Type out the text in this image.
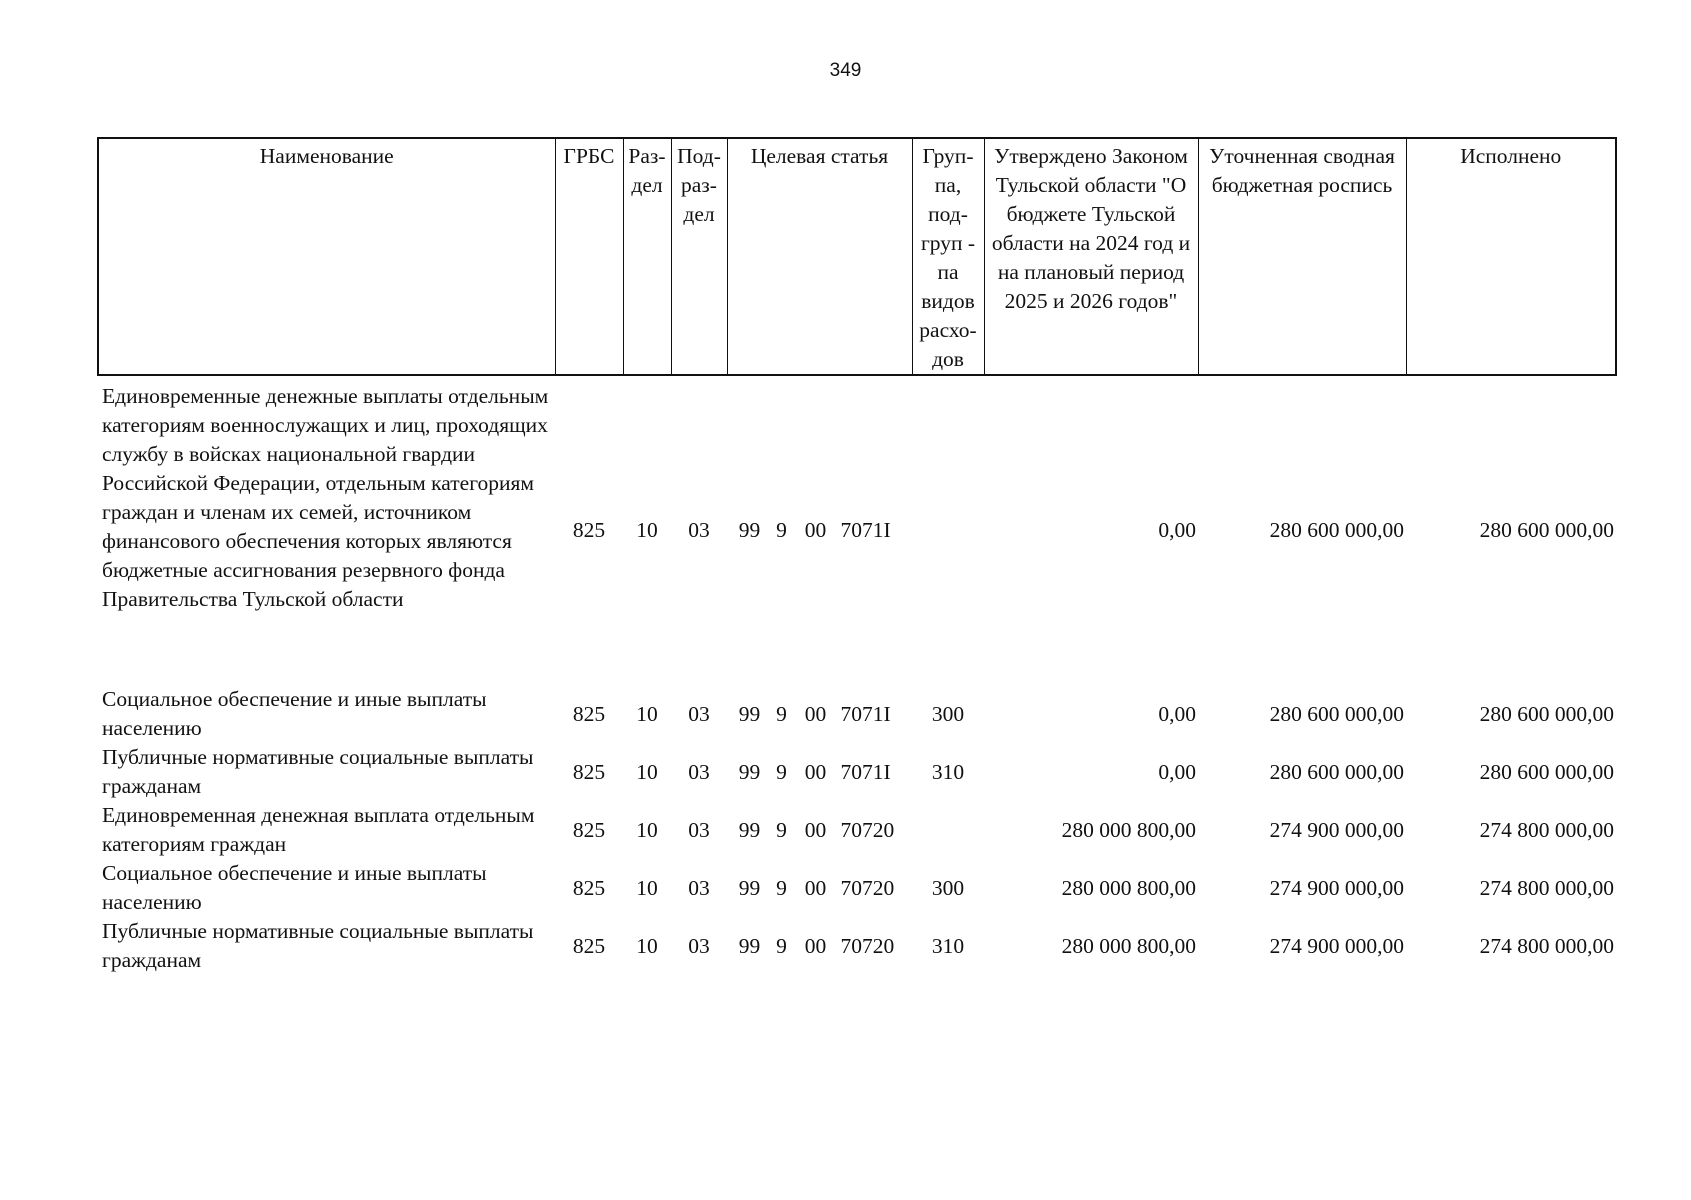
349
Наименование	ГРБС	Раз-дел	Под-раз-дел	Целевая статья	Груп-па, под-груп - па видов расхо-дов	Утверждено Законом Тульской области "О бюджете Тульской области на 2024 год и на плановый период 2025 и 2026 годов"	Уточненная сводная бюджетная роспись	Исполнено
Единовременные денежные выплаты отдельным категориям военнослужащих и лиц, проходящих службу в войсках национальной гвардии Российской Федерации, отдельным категориям граждан и членам их семей, источником финансового обеспечения которых являются бюджетные ассигнования резервного фонда Правительства Тульской области	825	10	03	99 9 00 7071I		0,00	280 600 000,00	280 600 000,00
Социальное обеспечение и иные выплаты населению	825	10	03	99 9 00 7071I	300	0,00	280 600 000,00	280 600 000,00
Публичные нормативные социальные выплаты гражданам	825	10	03	99 9 00 7071I	310	0,00	280 600 000,00	280 600 000,00
Единовременная денежная выплата отдельным категориям граждан	825	10	03	99 9 00 70720		280 000 800,00	274 900 000,00	274 800 000,00
Социальное обеспечение и иные выплаты населению	825	10	03	99 9 00 70720	300	280 000 800,00	274 900 000,00	274 800 000,00
Публичные нормативные социальные выплаты гражданам	825	10	03	99 9 00 70720	310	280 000 800,00	274 900 000,00	274 800 000,00
